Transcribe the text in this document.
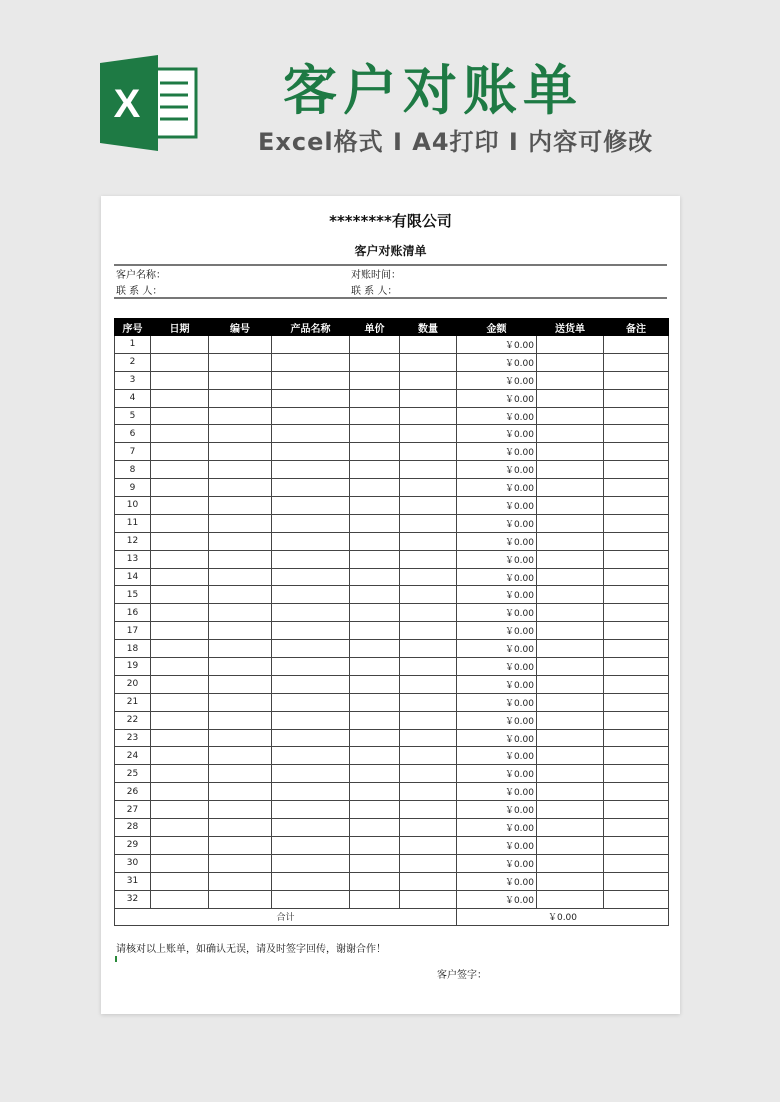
X	客户对账单
Excel格式 I A4打印 I 内容可修改
********有限公司
客户对账清单
客户名称：	对账时间：
联 系 人：	联 系 人：
序号	日期	编号	产品名称	单价	数量	金额	送货单	备注
1						￥0.00		
2						￥0.00		
3						￥0.00		
4						￥0.00		
5						￥0.00		
6						￥0.00		
7						￥0.00		
8						￥0.00		
9						￥0.00		
10						￥0.00		
11						￥0.00		
12						￥0.00		
13						￥0.00		
14						￥0.00		
15						￥0.00		
16						￥0.00		
17						￥0.00		
18						￥0.00		
19						￥0.00		
20						￥0.00		
21						￥0.00		
22						￥0.00		
23						￥0.00		
24						￥0.00		
25						￥0.00		
26						￥0.00		
27						￥0.00		
28						￥0.00		
29						￥0.00		
30						￥0.00		
31						￥0.00		
32						￥0.00		
合计						￥0.00		
请核对以上账单，如确认无误，请及时签字回传，谢谢合作！
客户签字：
